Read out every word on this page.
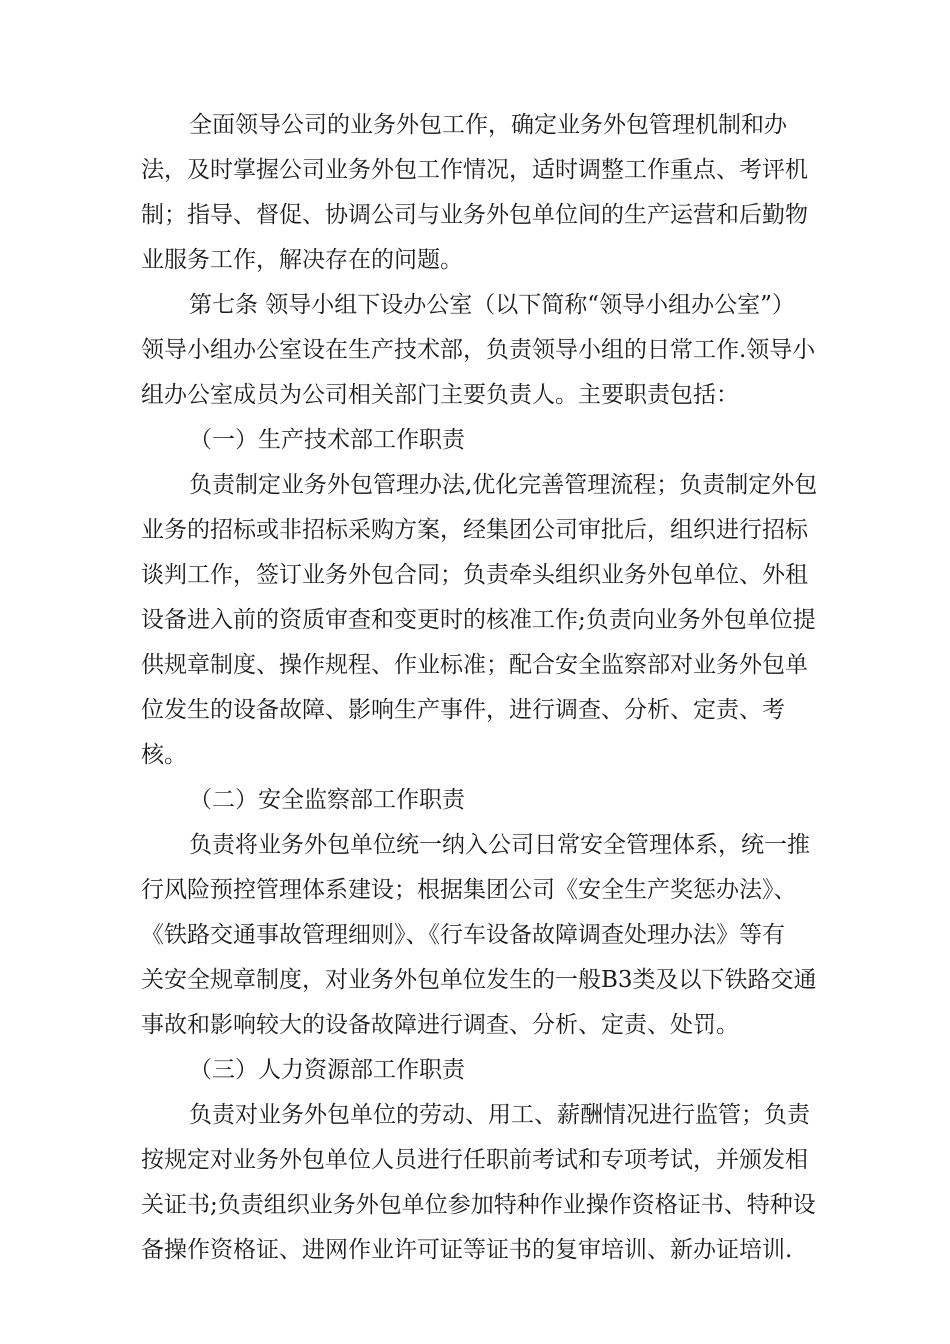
全面领导公司的业务外包工作，确定业务外包管理机制和办
法，及时掌握公司业务外包工作情况，适时调整工作重点、考评机
制；指导、督促、协调公司与业务外包单位间的生产运营和后勤物
业服务工作，解决存在的问题。
第七条 领导小组下设办公室（以下简称“领导小组办公室”）
领导小组办公室设在生产技术部，负责领导小组的日常工作.领导小
组办公室成员为公司相关部门主要负责人。主要职责包括：
（一）生产技术部工作职责
负责制定业务外包管理办法,优化完善管理流程；负责制定外包
业务的招标或非招标采购方案，经集团公司审批后，组织进行招标
谈判工作，签订业务外包合同；负责牵头组织业务外包单位、外租
设备进入前的资质审查和变更时的核准工作;负责向业务外包单位提
供规章制度、操作规程、作业标准；配合安全监察部对业务外包单
位发生的设备故障、影响生产事件，进行调查、分析、定责、考
核。
（二）安全监察部工作职责
负责将业务外包单位统一纳入公司日常安全管理体系，统一推
行风险预控管理体系建设；根据集团公司《安全生产奖惩办法》、
《铁路交通事故管理细则》、《行车设备故障调查处理办法》等有
关安全规章制度，对业务外包单位发生的一般B3类及以下铁路交通
事故和影响较大的设备故障进行调查、分析、定责、处罚。
（三）人力资源部工作职责
负责对业务外包单位的劳动、用工、薪酬情况进行监管；负责
按规定对业务外包单位人员进行任职前考试和专项考试，并颁发相
关证书;负责组织业务外包单位参加特种作业操作资格证书、特种设
备操作资格证、进网作业许可证等证书的复审培训、新办证培训.
